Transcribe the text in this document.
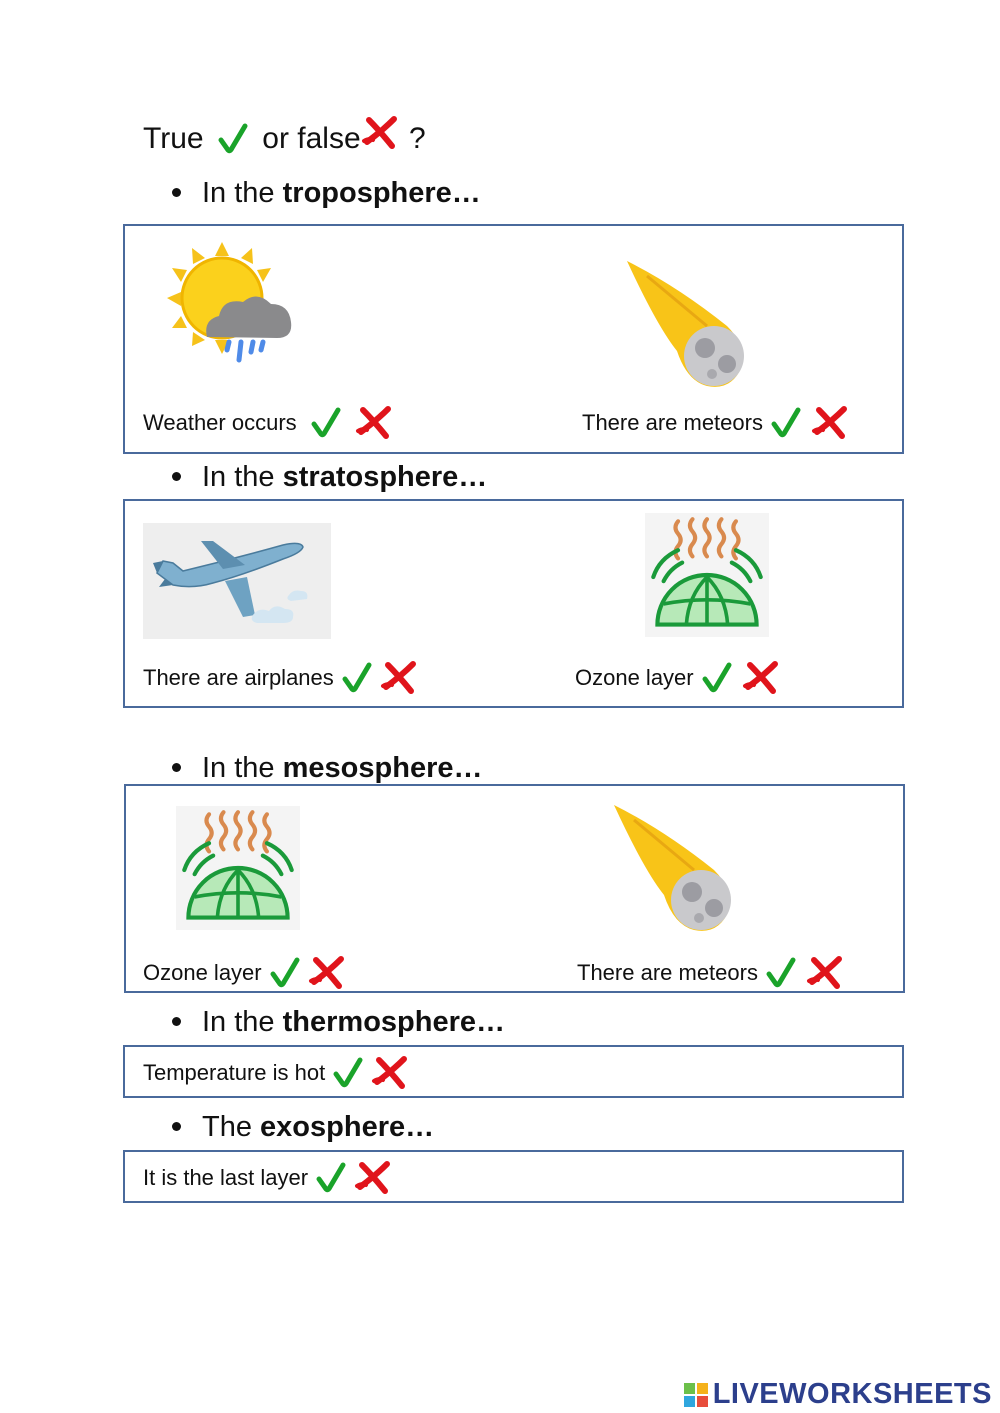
True or false ?
In the troposphere…
Weather occurs	There are meteors
In the stratosphere…
There are airplanes	Ozone layer
In the mesosphere…
Ozone layer	There are meteors
In the thermosphere…
Temperature is hot
The exosphere…
It is the last layer
LIVEWORKSHEETS
